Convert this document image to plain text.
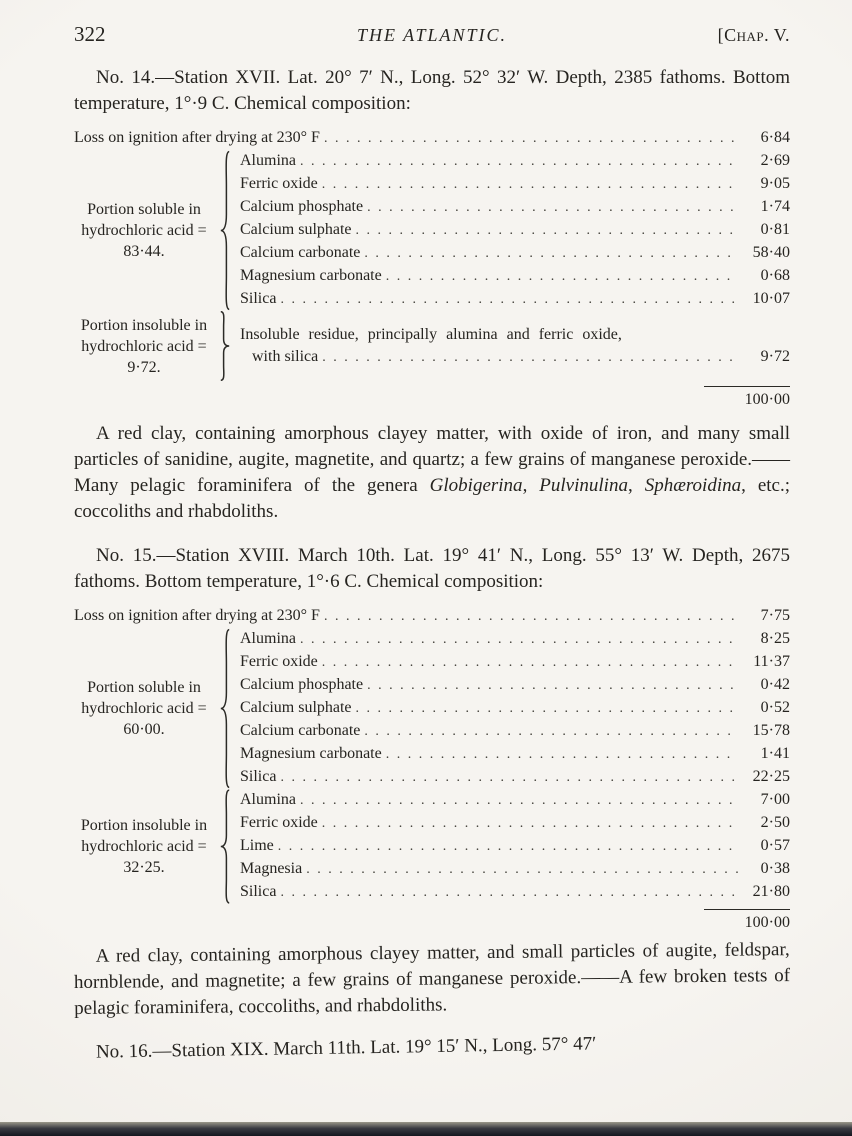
322	THE ATLANTIC.	[Chap. V.

No. 14.—Station XVII. Lat. 20° 7′ N., Long. 52° 32′ W. Depth, 2385 fathoms. Bottom temperature, 1°·9 C. Chemical composition:

Loss on ignition after drying at 230° F . . .	6·84
Portion soluble in hydrochloric acid = 83·44.
Alumina . . .	2·69
Ferric oxide . . .	9·05
Calcium phosphate . . .	1·74
Calcium sulphate . . .	0·81
Calcium carbonate . . .	58·40
Magnesium carbonate . . .	0·68
Silica . . .	10·07
Portion insoluble in hydrochloric acid = 9·72.
Insoluble residue, principally alumina and ferric oxide,
with silica . . .	9·72
100·00

A red clay, containing amorphous clayey matter, with oxide of iron, and many small particles of sanidine, augite, magnetite, and quartz; a few grains of manganese peroxide.——Many pelagic foraminifera of the genera Globigerina, Pulvinulina, Sphæroidina, etc.; coccoliths and rhabdoliths.

No. 15.—Station XVIII. March 10th. Lat. 19° 41′ N., Long. 55° 13′ W. Depth, 2675 fathoms. Bottom temperature, 1°·6 C. Chemical composition:

Loss on ignition after drying at 230° F . . .	7·75
Portion soluble in hydrochloric acid = 60·00.
Alumina . . .	8·25
Ferric oxide . . .	11·37
Calcium phosphate . . .	0·42
Calcium sulphate . . .	0·52
Calcium carbonate . . .	15·78
Magnesium carbonate . . .	1·41
Silica . . .	22·25
Portion insoluble in hydrochloric acid = 32·25.
Alumina . . .	7·00
Ferric oxide . . .	2·50
Lime . . .	0·57
Magnesia . . .	0·38
Silica . . .	21·80
100·00

A red clay, containing amorphous clayey matter, and small particles of augite, feldspar, hornblende, and magnetite; a few grains of manganese peroxide.——A few broken tests of pelagic foraminifera, coccoliths, and rhabdoliths.

No. 16.—Station XIX. March 11th. Lat. 19° 15′ N., Long. 57° 47′
